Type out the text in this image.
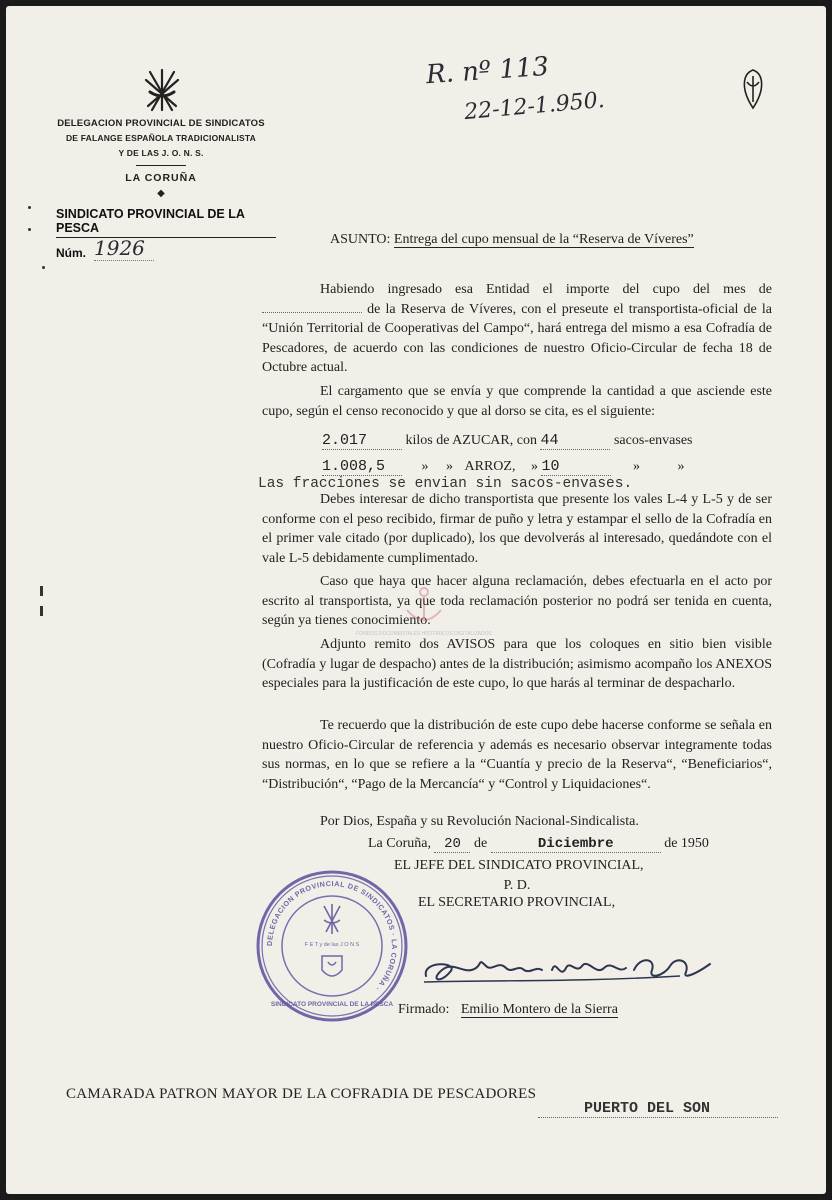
DELEGACION PROVINCIAL DE SINDICATOS
DE FALANGE ESPAÑOLA TRADICIONALISTA
Y DE LAS J. O. N. S.
LA CORUÑA
◆
SINDICATO PROVINCIAL DE LA PESCA
Núm. 1926
R. nº 113
22-12-1.950.
ASUNTO: Entrega del cupo mensual de la “Reserva de Víveres”
Habiendo ingresado esa Entidad el importe del cupo del mes de  de la Reserva de Víveres, con el preseute el transportista-oficial de la “Unión Territorial de Cooperativas del Campo“, hará entrega del mismo a esa Cofradía de Pescadores, de acuerdo con las condiciones de nuestro Oficio-Circular de fecha 18 de Octubre actual.
El cargamento que se envía y que comprende la cantidad a que asciende este cupo, según el censo reconocido y que al dorso se cita, es el siguiente:
2.017	kilos de AZUCAR, con 44	sacos-envases
1.008,5	» » ARROZ, » 10	»	»
Las fracciones se envian sin sacos-envases.
Debes interesar de dicho transportista que presente los vales L-4 y L-5 y de ser conforme con el peso recibido, firmar de puño y letra y estampar el sello de la Cofradía en el primer vale citado (por duplicado), los que devolverás al interesado, quedándote con el vale L-5 debidamente cumplimentado.
Caso que haya que hacer alguna reclamación, debes efectuarla en el acto por escrito al transportista, ya que toda reclamación posterior no podrá ser tenida en cuenta, según ya tienes conocimiento.
FONDOS DOCUMENTALES HISTÓRICOS DIGITALIZADOS
Adjunto remito dos AVISOS para que los coloques en sitio bien visible (Cofradía y lugar de despacho) antes de la distribución; asimismo acompaño los ANEXOS especiales para la justificación de este cupo, lo que harás al terminar de despacharlo.
Te recuerdo que la distribución de este cupo debe hacerse conforme se señala en nuestro Oficio-Circular de referencia y además es necesario observar integramente todas sus normas, en lo que se refiere a la “Cuantía y precio de la Reserva“, “Beneficiarios“, “Distribución“, “Pago de la Mercancía“ y “Control y Liquidaciones“.
Por Dios, España y su Revolución Nacional-Sindicalista.
La Coruña, 20 de	Diciembre	de 1950
EL JEFE DEL SINDICATO PROVINCIAL,
P. D.
EL SECRETARIO PROVINCIAL,
DELEGACION PROVINCIAL DE SINDICATOS · LA CORUÑA ·
SINDICATO PROVINCIAL DE LA PESCA
F E T y de las J O N S
Firmado: Emilio Montero de la Sierra
CAMARADA PATRON MAYOR DE LA COFRADIA DE PESCADORES
PUERTO DEL SON
